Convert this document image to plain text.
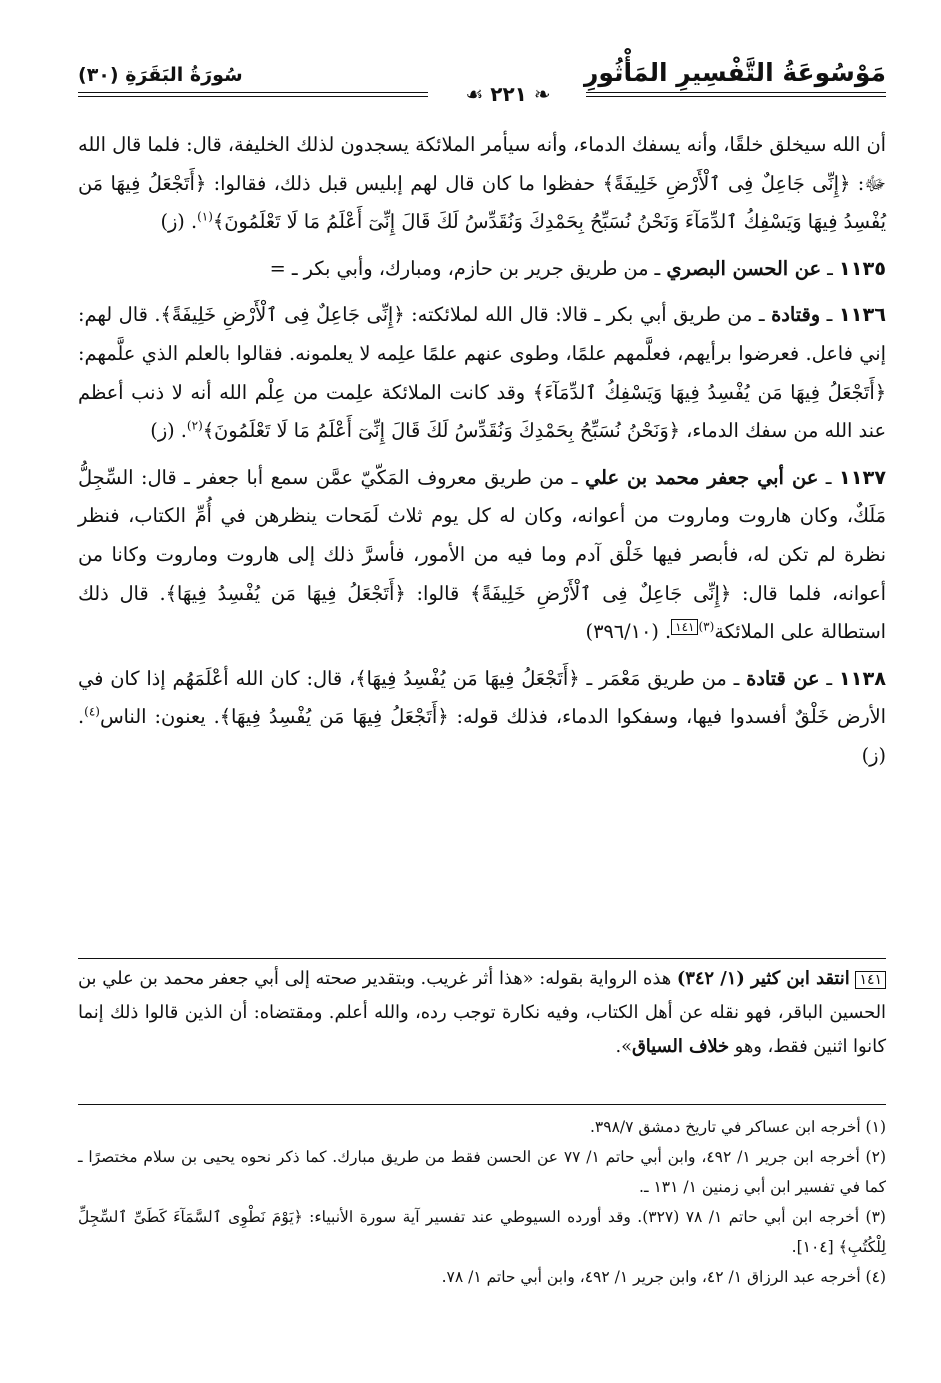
مَوْسُوعَةُ التَّفْسِيرِ المَأْثُورِ
سُورَةُ البَقَرَةِ (٣٠)
❧ ٢٢١ ☙

أن الله سيخلق خلقًا، وأنه يسفك الدماء، وأنه سيأمر الملائكة يسجدون لذلك الخليفة، قال: فلما قال الله ﷻ: ﴿إِنِّى جَاعِلٌ فِى ٱلْأَرْضِ خَلِيفَةً﴾ حفظوا ما كان قال لهم إبليس قبل ذلك، فقالوا: ﴿أَتَجْعَلُ فِيهَا مَن يُفْسِدُ فِيهَا وَيَسْفِكُ ٱلدِّمَآءَ وَنَحْنُ نُسَبِّحُ بِحَمْدِكَ وَنُقَدِّسُ لَكَ قَالَ إِنِّىٓ أَعْلَمُ مَا لَا تَعْلَمُونَ﴾$^{(١)}$. (ز)

١١٣٥ ـ عن الحسن البصري ـ من طريق جرير بن حازم، ومبارك، وأبي بكر ـ =

١١٣٦ ـ وقتادة ـ من طريق أبي بكر ـ قالا: قال الله لملائكته: ﴿إِنِّى جَاعِلٌ فِى ٱلْأَرْضِ خَلِيفَةً﴾. قال لهم: إني فاعل. فعرضوا برأيهم، فعلَّمهم علمًا، وطوى عنهم علمًا علِمه لا يعلمونه. فقالوا بالعلم الذي علَّمهم: ﴿أَتَجْعَلُ فِيهَا مَن يُفْسِدُ فِيهَا وَيَسْفِكُ ٱلدِّمَآءَ﴾ وقد كانت الملائكة علِمت من عِلْم الله أنه لا ذنب أعظم عند الله من سفك الدماء، ﴿وَنَحْنُ نُسَبِّحُ بِحَمْدِكَ وَنُقَدِّسُ لَكَ قَالَ إِنِّىٓ أَعْلَمُ مَا لَا تَعْلَمُونَ﴾$^{(٢)}$. (ز)

١١٣٧ ـ عن أبي جعفر محمد بن علي ـ من طريق معروف المَكّيّ عمَّن سمع أبا جعفر ـ قال: السِّجِلُّ مَلَكٌ، وكان هاروت وماروت من أعوانه، وكان له كل يوم ثلاث لَمَحات ينظرهن في أُمِّ الكتاب، فنظر نظرة لم تكن له، فأبصر فيها خَلْق آدم وما فيه من الأمور، فأسرَّ ذلك إلى هاروت وماروت وكانا من أعوانه، فلما قال: ﴿إِنِّى جَاعِلٌ فِى ٱلْأَرْضِ خَلِيفَةً﴾ قالوا: ﴿أَتَجْعَلُ فِيهَا مَن يُفْسِدُ فِيهَا﴾. قال ذلك استطالة على الملائكة$^{(٣)}$١٤١. (٣٩٦/١٠)

١١٣٨ ـ عن قتادة ـ من طريق مَعْمَر ـ ﴿أَتَجْعَلُ فِيهَا مَن يُفْسِدُ فِيهَا﴾، قال: كان الله أعْلَمَهُم إذا كان في الأرض خَلْقٌ أفسدوا فيها، وسفكوا الدماء، فذلك قوله: ﴿أَتَجْعَلُ فِيهَا مَن يُفْسِدُ فِيهَا﴾. يعنون: الناس$^{(٤)}$. (ز)

١٤١ انتقد ابن كثير (١/ ٣٤٢) هذه الرواية بقوله: «هذا أثر غريب. وبتقدير صحته إلى أبي جعفر محمد بن علي بن الحسين الباقر، فهو نقله عن أهل الكتاب، وفيه نكارة توجب رده، والله أعلم. ومقتضاه: أن الذين قالوا ذلك إنما كانوا اثنين فقط، وهو خلاف السياق».

(١) أخرجه ابن عساكر في تاريخ دمشق ٣٩٨/٧.

(٢) أخرجه ابن جرير ١/ ٤٩٢، وابن أبي حاتم ١/ ٧٧ عن الحسن فقط من طريق مبارك. كما ذكر نحوه يحيى بن سلام مختصرًا ـ كما في تفسير ابن أبي زمنين ١/ ١٣١ ـ.

(٣) أخرجه ابن أبي حاتم ١/ ٧٨ (٣٢٧). وقد أورده السيوطي عند تفسير آية سورة الأنبياء: ﴿يَوْمَ نَطْوِى ٱلسَّمَآءَ كَطَىِّ ٱلسِّجِلِّ لِلْكُتُبِ﴾ [١٠٤].

(٤) أخرجه عبد الرزاق ١/ ٤٢، وابن جرير ١/ ٤٩٢، وابن أبي حاتم ١/ ٧٨.
